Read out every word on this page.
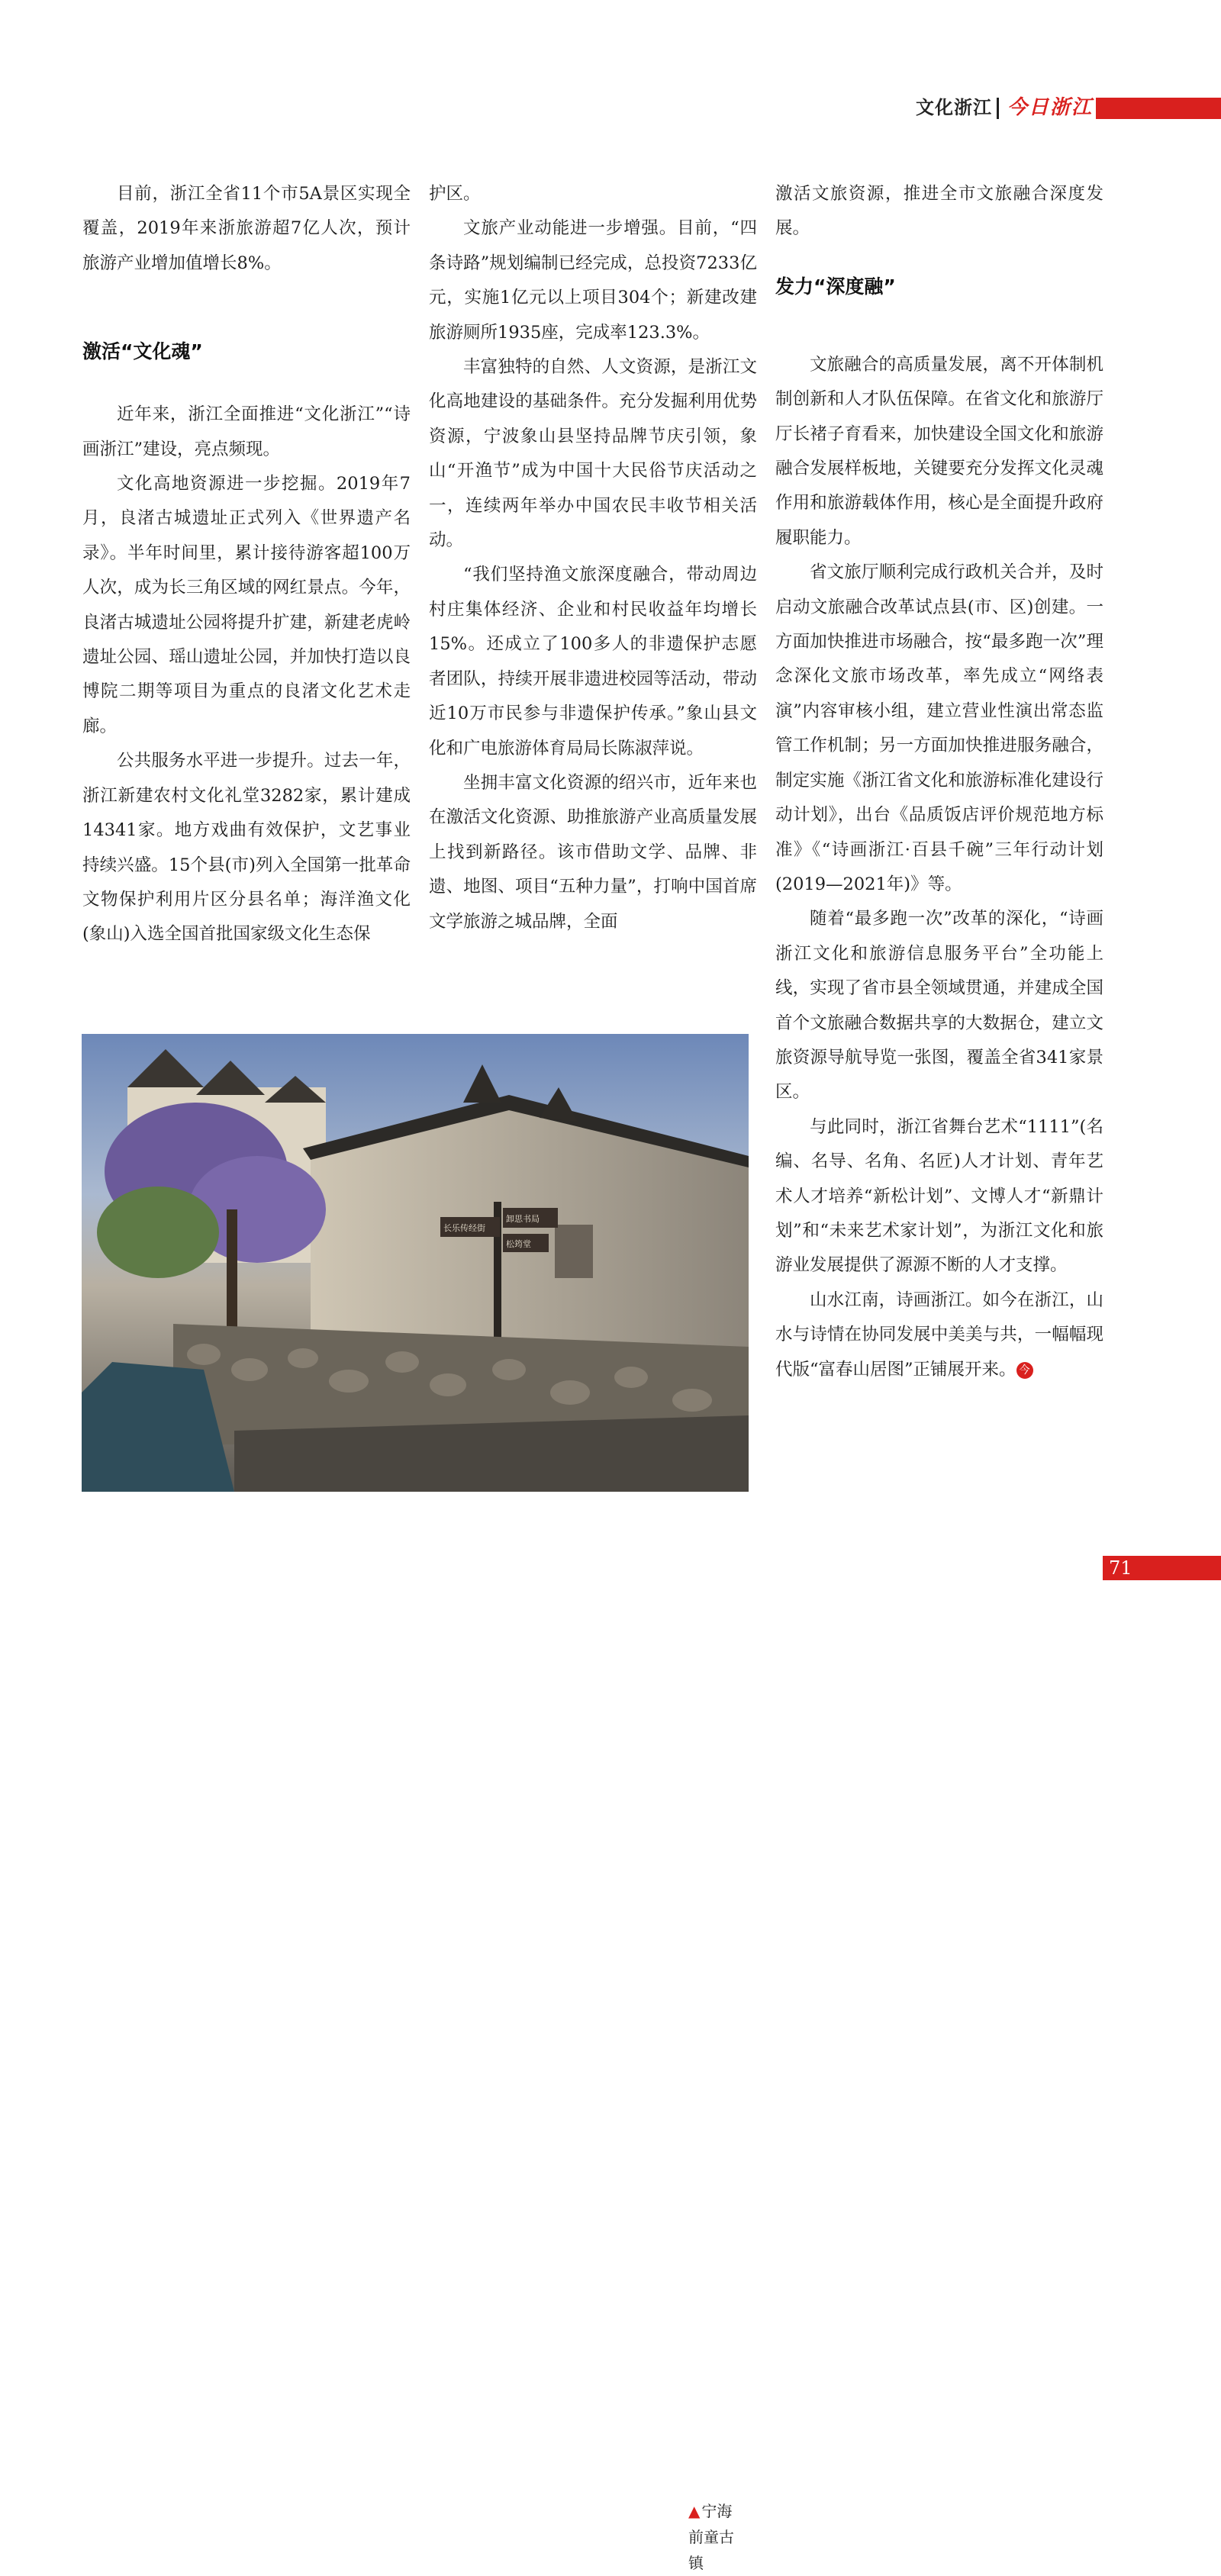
文化浙江 今日浙江

目前，浙江全省11个市5A景区实现全覆盖，2019年来浙旅游超7亿人次，预计旅游产业增加值增长8%。

激活“文化魂”

近年来，浙江全面推进“文化浙江”“诗画浙江”建设，亮点频现。

文化高地资源进一步挖掘。2019年7月，良渚古城遗址正式列入《世界遗产名录》。半年时间里，累计接待游客超100万人次，成为长三角区域的网红景点。今年，良渚古城遗址公园将提升扩建，新建老虎岭遗址公园、瑶山遗址公园，并加快打造以良博院二期等项目为重点的良渚文化艺术走廊。

公共服务水平进一步提升。过去一年，浙江新建农村文化礼堂3282家，累计建成14341家。地方戏曲有效保护，文艺事业持续兴盛。15个县(市)列入全国第一批革命文物保护利用片区分县名单；海洋渔文化(象山)入选全国首批国家级文化生态保

护区。

文旅产业动能进一步增强。目前，“四条诗路”规划编制已经完成，总投资7233亿元，实施1亿元以上项目304个；新建改建旅游厕所1935座，完成率123.3%。

丰富独特的自然、人文资源，是浙江文化高地建设的基础条件。充分发掘利用优势资源，宁波象山县坚持品牌节庆引领，象山“开渔节”成为中国十大民俗节庆活动之一，连续两年举办中国农民丰收节相关活动。

“我们坚持渔文旅深度融合，带动周边村庄集体经济、企业和村民收益年均增长15%。还成立了100多人的非遗保护志愿者团队，持续开展非遗进校园等活动，带动近10万市民参与非遗保护传承。”象山县文化和广电旅游体育局局长陈淑萍说。

坐拥丰富文化资源的绍兴市，近年来也在激活文化资源、助推旅游产业高质量发展上找到新路径。该市借助文学、品牌、非遗、地图、项目“五种力量”，打响中国首席文学旅游之城品牌，全面

激活文旅资源，推进全市文旅融合深度发展。

发力“深度融”

文旅融合的高质量发展，离不开体制机制创新和人才队伍保障。在省文化和旅游厅厅长褚子育看来，加快建设全国文化和旅游融合发展样板地，关键要充分发挥文化灵魂作用和旅游载体作用，核心是全面提升政府履职能力。

省文旅厅顺利完成行政机关合并，及时启动文旅融合改革试点县(市、区)创建。一方面加快推进市场融合，按“最多跑一次”理念深化文旅市场改革，率先成立“网络表演”内容审核小组，建立营业性演出常态监管工作机制；另一方面加快推进服务融合，制定实施《浙江省文化和旅游标准化建设行动计划》，出台《品质饭店评价规范地方标准》《“诗画浙江·百县千碗”三年行动计划(2019—2021年)》等。

随着“最多跑一次”改革的深化，“诗画浙江文化和旅游信息服务平台”全功能上线，实现了省市县全领域贯通，并建成全国首个文旅融合数据共享的大数据仓，建立文旅资源导航导览一张图，覆盖全省341家景区。

与此同时，浙江省舞台艺术“1111”(名编、名导、名角、名匠)人才计划、青年艺术人才培养“新松计划”、文博人才“新鼎计划”和“未来艺术家计划”，为浙江文化和旅游业发展提供了源源不断的人才支撑。

山水江南，诗画浙江。如今在浙江，山水与诗情在协同发展中美美与共，一幅幅现代版“富春山居图”正铺展开来。 今

长乐传经街
卸思书局
松筠堂
▲ 宁海前童古镇
71
